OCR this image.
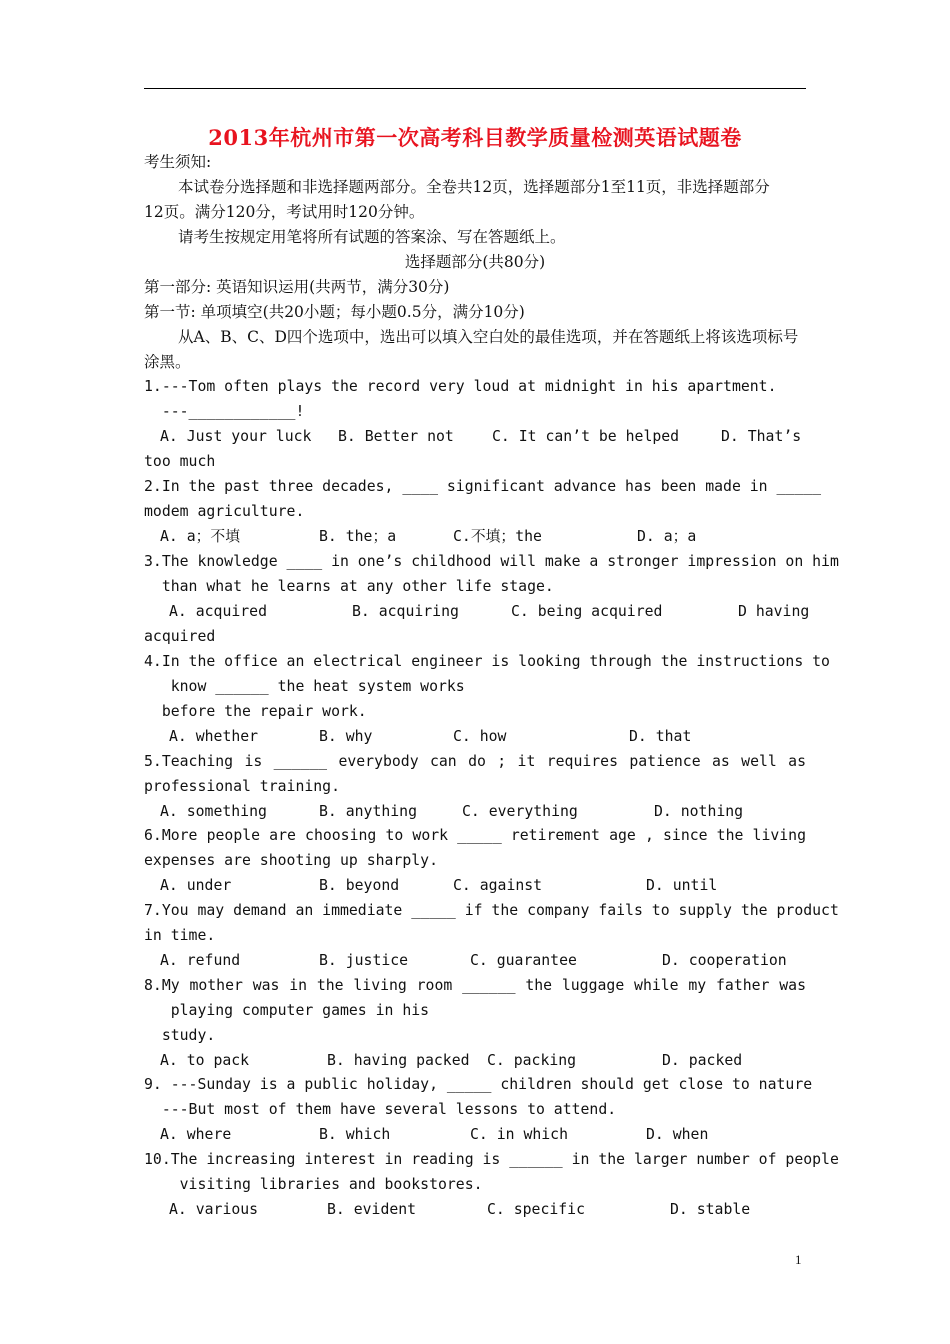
2013年杭州市第一次高考科目教学质量检测英语试题卷
考生须知:
本试卷分选择题和非选择题两部分。全卷共12页，选择题部分1至11页，非选择题部分
12页。满分120分，考试用时120分钟。
请考生按规定用笔将所有试题的答案涂、写在答题纸上。
选择题部分(共80分)
第一部分: 英语知识运用(共两节，满分30分)
第一节: 单项填空(共20小题；每小题0.5分，满分10分)
从A、B、C、D四个选项中，选出可以填入空白处的最佳选项，并在答题纸上将该选项标号
涂黑。
1.---Tom often plays the record very loud at midnight in his apartment.
---____________!
A. Just your luck B. Better not	C. It can’t be helped	D. That’s
too much
2.In the past three decades, ____ significant advance has been made in _____
modem agriculture.
A. a；不填	B. the；a	C.不填；the	D. a；a
3.The knowledge ____ in one’s childhood will make a stronger impression on him
than what he learns at any other life stage.
A. acquired	B. acquiring	C. being acquired	D having
acquired
4.In the office an electrical engineer is looking through the instructions to
know ______ the heat system works
before the repair work.
A. whether	B. why	C. how	D. that
5.Teaching is ______ everybody can do ; it requires patience as well as
professional training.
A. something	B. anything	C. everything	D. nothing
6.More people are choosing to work _____ retirement age , since the living
expenses are shooting up sharply.
A. under	B. beyond	C. against	D. until
7.You may demand an immediate _____ if the company fails to supply the product
in time.
A. refund	B. justice	C. guarantee	D. cooperation
8.My mother was in the living room ______ the luggage while my father was
playing computer games in his
study.
A. to pack	B. having packed C. packing	D. packed
9. ---Sunday is a public holiday, _____ children should get close to nature
---But most of them have several lessons to attend.
A. where	B. which	C. in which	D. when
10.The increasing interest in reading is ______ in the larger number of people
visiting libraries and bookstores.
A. various	B. evident	C. specific	D. stable
1
